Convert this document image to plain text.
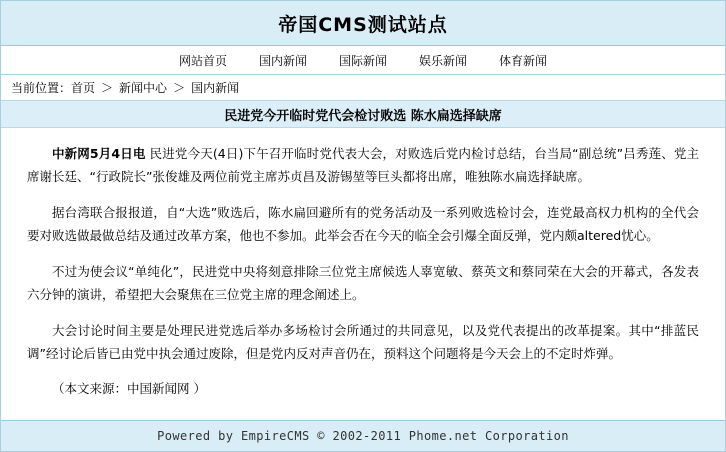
帝国CMS测试站点
网站首页	国内新闻	国际新闻	娱乐新闻	体育新闻
当前位置： 首页 ＞ 新闻中心 ＞ 国内新闻
民进党今开临时党代会检讨败选 陈水扁选择缺席

中新网5月4日电 民进党今天(4日)下午召开临时党代表大会，对败选后党内检讨总结，台当局“副总统”吕秀莲、党主席谢长廷、“行政院长”张俊雄及两位前党主席苏贞昌及游锡堃等巨头都将出席，唯独陈水扁选择缺席。

据台湾联合报报道，自“大选”败选后，陈水扁回避所有的党务活动及一系列败选检讨会，连党最高权力机构的全代会要对败选做最做总结及通过改革方案，他也不参加。此举会否在今天的临全会引爆全面反弹，党内颇altered忧心。

不过为使会议“单纯化”，民进党中央将刻意排除三位党主席候选人辜宽敏、蔡英文和蔡同荣在大会的开幕式，各发表六分钟的演讲，希望把大会聚焦在三位党主席的理念阐述上。

大会讨论时间主要是处理民进党选后举办多场检讨会所通过的共同意见，以及党代表提出的改革提案。其中“排蓝民调”经讨论后皆已由党中执会通过废除，但是党内反对声音仍在，预料这个问题将是今天会上的不定时炸弹。

（本文来源：中国新闻网 ）

Powered by EmpireCMS © 2002-2011 Phome.net Corporation
